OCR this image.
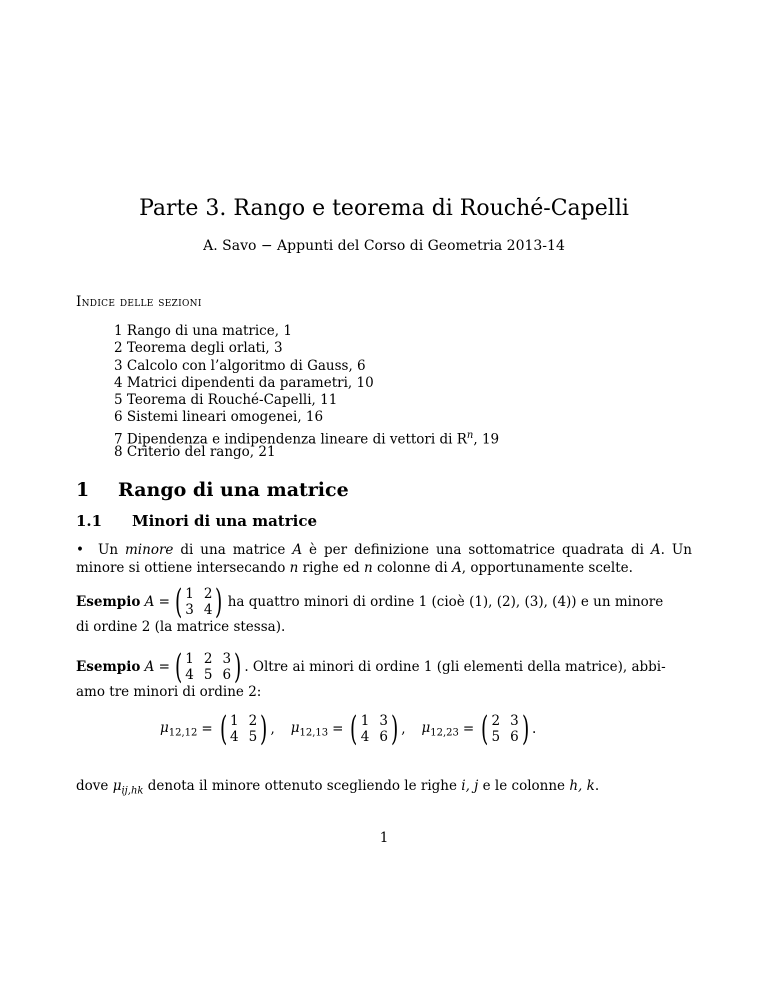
Parte 3. Rango e teorema di Rouché-Capelli
A. Savo − Appunti del Corso di Geometria 2013-14
Indice delle sezioni
1 Rango di una matrice, 1
2 Teorema degli orlati, 3
3 Calcolo con l’algoritmo di Gauss, 6
4 Matrici dipendenti da parametri, 10
5 Teorema di Rouché-Capelli, 11
6 Sistemi lineari omogenei, 16
7 Dipendenza e indipendenza lineare di vettori di $R^n$, 19
8 Criterio del rango, 21
1 Rango di una matrice
1.1 Minori di una matrice
• Un minore di una matrice A è per definizione una sottomatrice quadrata di A. Un minore si ottiene intersecando n righe ed n colonne di A, opportunamente scelte.
Esempio
A = ( 1 2
3 4 ) ha quattro minori di ordine 1 (cioè (1), (2), (3), (4)) e un minore
di ordine 2 (la matrice stessa).
Esempio
A = ( 1 2 3
4 5 6 ) . Oltre ai minori di ordine 1 (gli elementi della matrice), abbi-
amo tre minori di ordine 2:
$\mu_{12,12}$ = ( 1 2
4 5 ) , $\mu_{12,13}$ = ( 1 3
4 6 ) , $\mu_{12,23}$ = ( 2 3
5 6 ) .
dove $\mu_{ij,hk}$ denota il minore ottenuto scegliendo le righe i, j e le colonne h, k.
1
